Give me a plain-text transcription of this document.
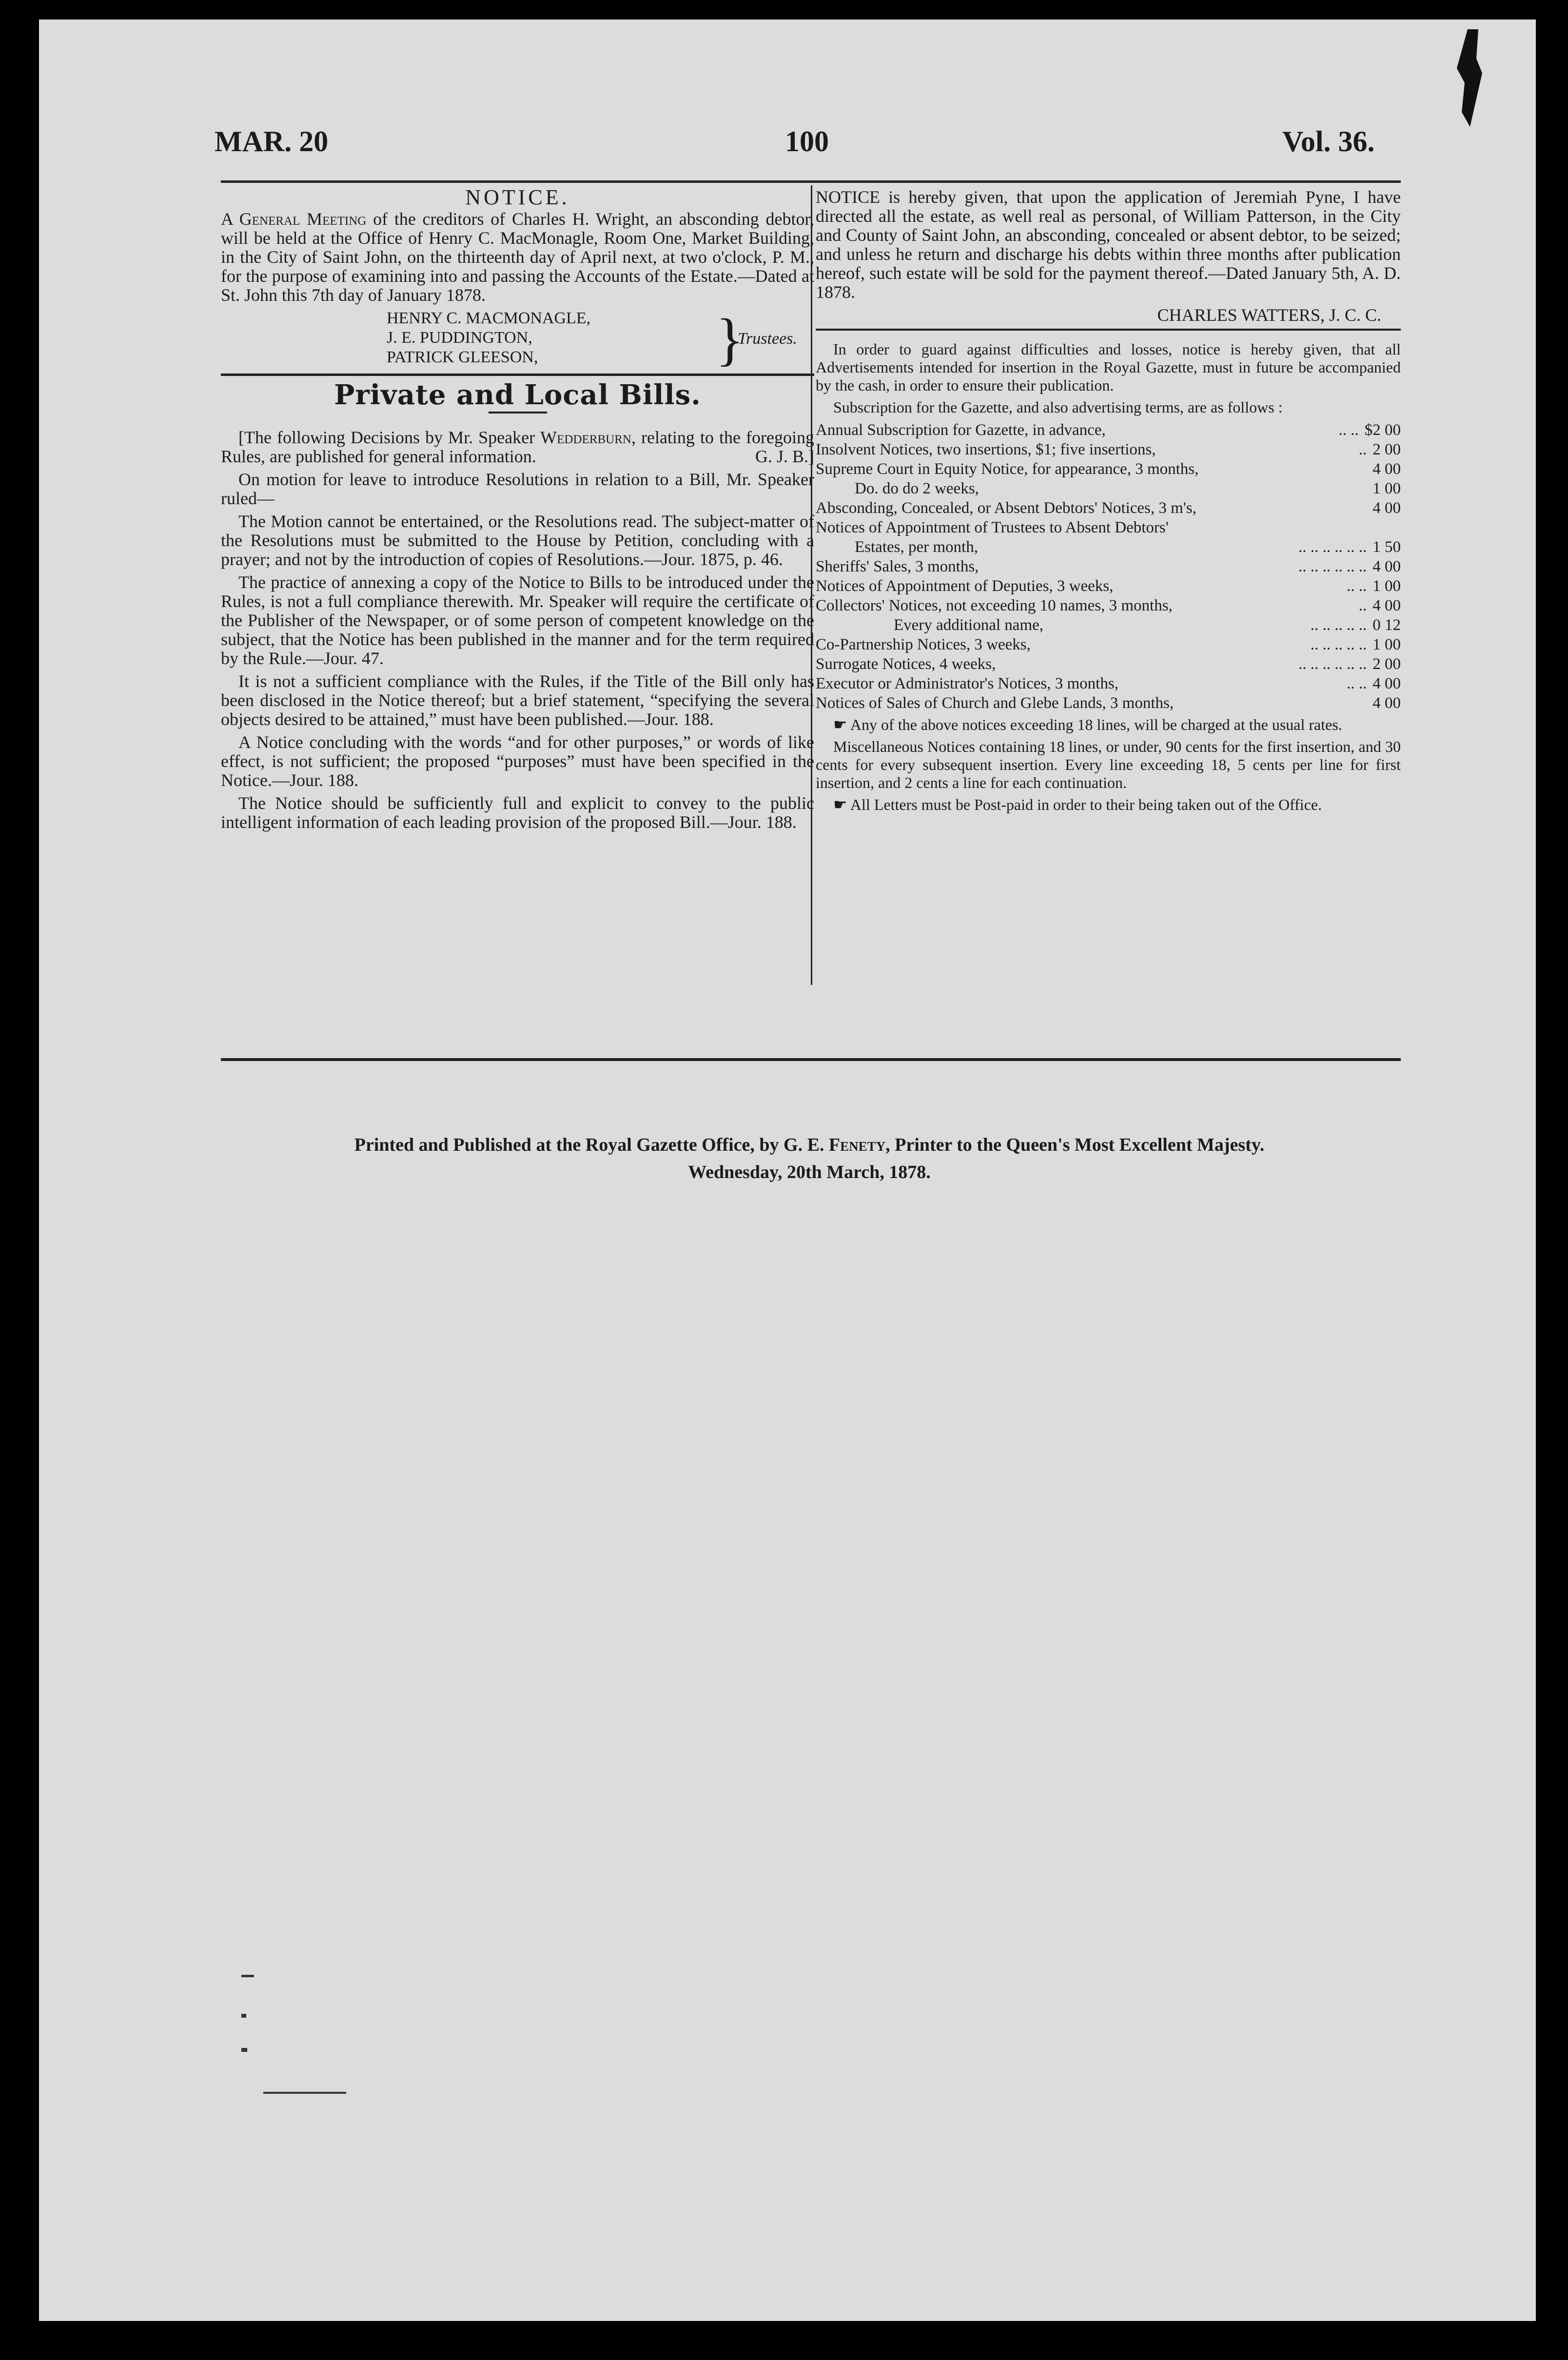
MAR. 20	100	Vol. 36.

NOTICE.

A General Meeting of the creditors of Charles H. Wright, an absconding debtor, will be held at the Office of Henry C. MacMonagle, Room One, Market Building, in the City of Saint John, on the thirteenth day of April next, at two o'clock, P. M., for the purpose of examining into and passing the Accounts of the Estate.—Dated at St. John this 7th day of January 1878.

HENRY C. MACMONAGLE,
J. E. PUDDINGTON,
PATRICK GLEESON,	}
Trustees.
Private and Local Bills.

[The following Decisions by Mr. Speaker Wedderburn, relating to the foregoing Rules, are published for general information.	G. J. B.]

On motion for leave to introduce Resolutions in relation to a Bill, Mr. Speaker ruled—

The Motion cannot be entertained, or the Resolutions read. The subject-matter of the Resolutions must be submitted to the House by Petition, concluding with a prayer; and not by the introduction of copies of Resolutions.—Jour. 1875, p. 46.

The practice of annexing a copy of the Notice to Bills to be introduced under the Rules, is not a full compliance therewith. Mr. Speaker will require the certificate of the Publisher of the Newspaper, or of some person of competent knowledge on the subject, that the Notice has been published in the manner and for the term required by the Rule.—Jour. 47.

It is not a sufficient compliance with the Rules, if the Title of the Bill only has been disclosed in the Notice thereof; but a brief statement, “specifying the several objects desired to be attained,” must have been published.—Jour. 188.

A Notice concluding with the words “and for other purposes,” or words of like effect, is not sufficient; the proposed “purposes” must have been specified in the Notice.—Jour. 188.

The Notice should be sufficiently full and explicit to convey to the public intelligent information of each leading provision of the proposed Bill.—Jour. 188.

NOTICE is hereby given, that upon the application of Jeremiah Pyne, I have directed all the estate, as well real as personal, of William Patterson, in the City and County of Saint John, an absconding, concealed or absent debtor, to be seized; and unless he return and discharge his debts within three months after publication hereof, such estate will be sold for the payment thereof.—Dated January 5th, A. D. 1878.

CHARLES WATTERS, J. C. C.

In order to guard against difficulties and losses, notice is hereby given, that all Advertisements intended for insertion in the Royal Gazette, must in future be accompanied by the cash, in order to ensure their publication.

Subscription for the Gazette, and also advertising terms, are as follows :

Annual Subscription for Gazette, in advance,	.. .. $2 00
Insolvent Notices, two insertions, $1; five insertions,	.. 2 00
Supreme Court in Equity Notice, for appearance, 3 months,	4 00
Do. do do 2 weeks,	1 00
Absconding, Concealed, or Absent Debtors' Notices, 3 m's,	4 00
Notices of Appointment of Trustees to Absent Debtors'
Estates, per month,	.. .. .. .. .. .. 1 50
Sheriffs' Sales, 3 months,	.. .. .. .. .. .. 4 00
Notices of Appointment of Deputies, 3 weeks,	.. .. 1 00
Collectors' Notices, not exceeding 10 names, 3 months,	.. 4 00
Every additional name,	.. .. .. .. .. 0 12
Co-Partnership Notices, 3 weeks,	.. .. .. .. .. 1 00
Surrogate Notices, 4 weeks,	.. .. .. .. .. .. 2 00
Executor or Administrator's Notices, 3 months,	.. .. 4 00
Notices of Sales of Church and Glebe Lands, 3 months,	4 00

☛ Any of the above notices exceeding 18 lines, will be charged at the usual rates.

Miscellaneous Notices containing 18 lines, or under, 90 cents for the first insertion, and 30 cents for every subsequent insertion. Every line exceeding 18, 5 cents per line for first insertion, and 2 cents a line for each continuation.

☛ All Letters must be Post-paid in order to their being taken out of the Office.

Printed and Published at the Royal Gazette Office, by G. E. Fenety, Printer to the Queen's Most Excellent Majesty.
Wednesday, 20th March, 1878.
